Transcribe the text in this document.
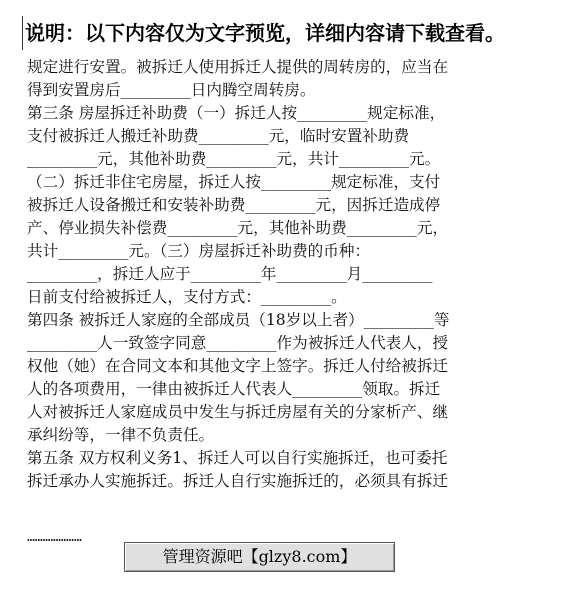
说明：以下内容仅为文字预览，详细内容请下载查看。
规定进行安置。被拆迁人使用拆迁人提供的周转房的，应当在
得到安置房后_________日内腾空周转房。
第三条 房屋拆迁补助费（一）拆迁人按_________规定标准，
支付被拆迁人搬迁补助费_________元，临时安置补助费
_________元，其他补助费_________元，共计_________元。
（二）拆迁非住宅房屋，拆迁人按_________规定标准，支付
被拆迁人设备搬迁和安装补助费_________元，因拆迁造成停
产、停业损失补偿费_________元，其他补助费_________元，
共计_________元。（三）房屋拆迁补助费的币种：
_________，拆迁人应于_________年_________月_________
日前支付给被拆迁人，支付方式：_________。
第四条 被拆迁人家庭的全部成员（18岁以上者）_________等
_________人一致签字同意_________作为被拆迁人代表人，授
权他（她）在合同文本和其他文字上签字。拆迁人付给被拆迁
人的各项费用，一律由被拆迁人代表人_________领取。拆迁
人对被拆迁人家庭成员中发生与拆迁房屋有关的分家析产、继
承纠纷等，一律不负责任。
第五条 双方权利义务1、拆迁人可以自行实施拆迁，也可委托
拆迁承办人实施拆迁。拆迁人自行实施拆迁的，必须具有拆迁
…………………
管理资源吧【glzy8.com】
